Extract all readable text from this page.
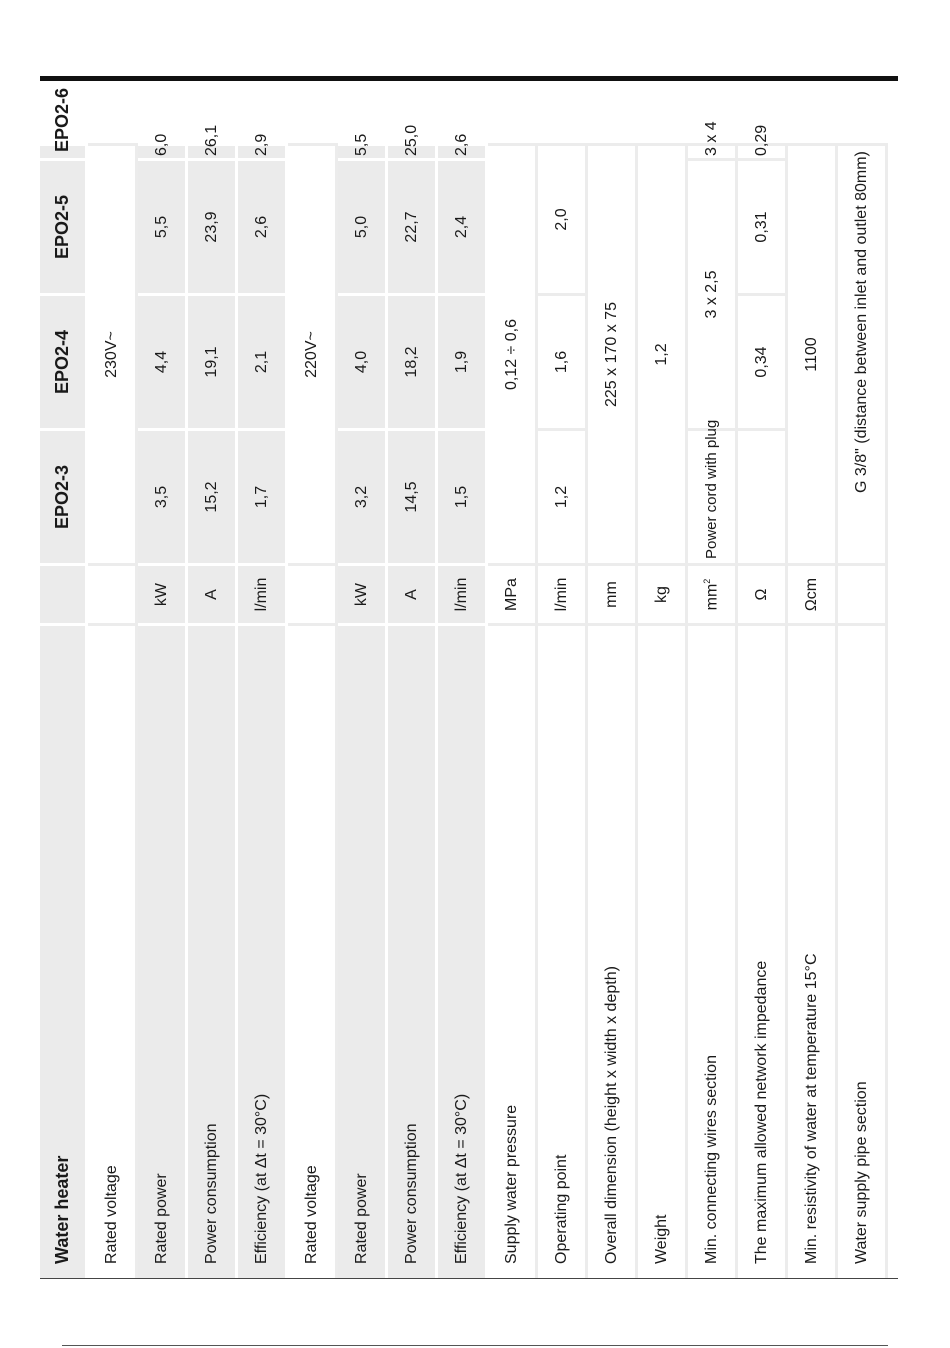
Water heater		EPO2-3	EPO2-4	EPO2-5	EPO2-6
Rated voltage		230V~			
Rated power	kW	3,5	4,4	5,5	6,0
Power consumption	A	15,2	19,1	23,9	26,1
Efficiency (at Δt = 30°C)	l/min	1,7	2,1	2,6	2,9
Rated voltage		220V~			
Rated power	kW	3,2	4,0	5,0	5,5
Power consumption	A	14,5	18,2	22,7	25,0
Efficiency (at Δt = 30°C)	l/min	1,5	1,9	2,4	2,6
Supply water pressure	MPa	0,12 ÷ 0,6			
Operating point	l/min	1,2	1,6	2,0	
Overall dimension (height x width x depth)	mm	225 x 170 x 75			
Weight	kg	1,2			
Min. connecting wires section	$mm^2$	Power cord with plug	3 x 2,5		3 x 4
The maximum allowed network impedance	Ω		0,34	0,31	0,29
Min. resistivity of water at temperature 15°C	Ωcm	1100			
Water supply pipe section		G 3/8" (distance between inlet and outlet 80mm)			
